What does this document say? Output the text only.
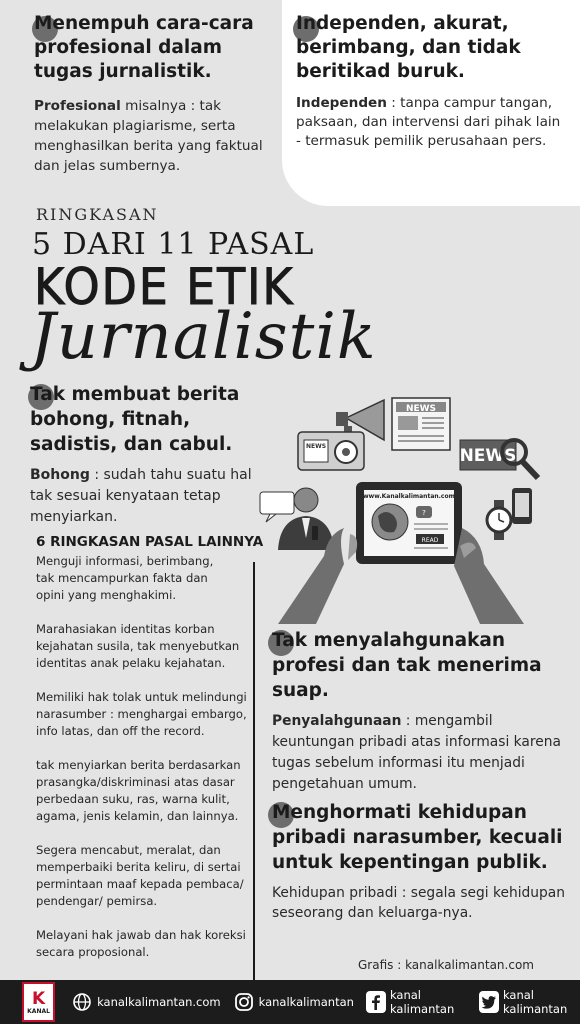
Menempuh cara-cara profesional dalam tugas jurnalistik.
Profesional misalnya : tak melakukan plagiarisme, serta menghasilkan berita yang faktual dan jelas sumbernya.
Independen, akurat, berimbang, dan tidak beritikad buruk.
Independen : tanpa campur tangan, paksaan, dan intervensi dari pihak lain - termasuk pemilik perusahaan pers.
RINGKASAN
5 DARI 11 PASAL
KODE ETIK
Jurnalistik
Tak membuat berita bohong, fitnah, sadistis, dan cabul.
Bohong : sudah tahu suatu hal tak sesuai kenyataan tetap menyiarkan.
6 RINGKASAN PASAL LAINNYA
Menguji informasi, berimbang,
tak mencampurkan fakta dan
opini yang menghakimi.
Marahasiakan identitas korban
kejahatan susila, tak menyebutkan
identitas anak pelaku kejahatan.
Memiliki hak tolak untuk melindungi
narasumber : menghargai embargo,
info latas, dan off the record.
tak menyiarkan berita berdasarkan
prasangka/diskriminasi atas dasar
perbedaan suku, ras, warna kulit,
agama, jenis kelamin, dan lainnya.
Segera mencabut, meralat, dan
memperbaiki berita keliru, di sertai
permintaan maaf kepada pembaca/
pendengar/ pemirsa.
Melayani hak jawab dan hak koreksi
secara proposional.
NEWS
NEWS	NEWS
www.Kanalkalimantan.com
?
READ
Tak menyalahgunakan profesi dan tak menerima suap.
Penyalahgunaan : mengambil keuntungan pribadi atas informasi karena tugas sebelum informasi itu menjadi pengetahuan umum.
Menghormati kehidupan pribadi narasumber, kecuali untuk kepentingan publik.
Kehidupan pribadi : segala segi kehidupan seseorang dan keluarga-nya.
Grafis : kanalkalimantan.com
K
KANAL
kanalkalimantan.com	kanalkalimantan	kanal kalimantan
kanal kalimantan
